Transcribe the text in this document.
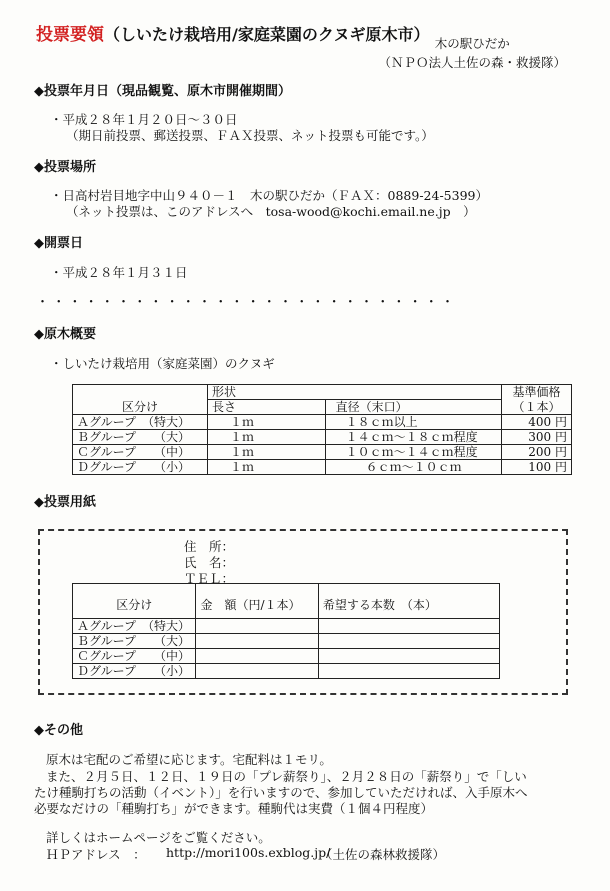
投票要領（しいたけ栽培用/家庭菜園のクヌギ原木市） 木の駅ひだか
（ＮＰＯ法人土佐の森・救援隊）
◆投票年月日（現品観覧、原木市開催期間）
・平成２８年１月２０日～３０日
（期日前投票、郵送投票、ＦＡＸ投票、ネット投票も可能です。）
◆投票場所
・日高村岩目地字中山９４０－１　木の駅ひだか（ＦＡＸ：0889-24-5399）
（ネット投票は、このアドレスへ　tosa-wood@kochi.email.ne.jp　）
◆開票日
・平成２８年１月３１日
・・・・・・・・・・・・・・・・・・・・・・・・・・
◆原木概要
・しいたけ栽培用（家庭菜園）のクヌギ
	形状		基準価格
区分け	長さ	直径（末口）	（１本）
Ａグループ　（特大）	１ｍ	１８ｃｍ以上	400 円
Ｂグループ　　（大）	１ｍ	１４ｃｍ～１８ｃｍ程度	300 円
Ｃグループ　　（中）	１ｍ	１０ｃｍ～１４ｃｍ程度	200 円
Ｄグループ　　（小）	１ｍ	６ｃｍ～１０ｃｍ	100 円
◆投票用紙
住　所：
氏　名：
ＴＥＬ：
区分け	金　額（円/１本）	希望する本数　（本）
Ａグループ　（特大）		
Ｂグループ　　（大）		
Ｃグループ　　（中）		
Ｄグループ　　（小）		
◆その他
原木は宅配のご希望に応じます。宅配料は１モリ。
また、２月５日、１２日、１９日の「プレ薪祭り」、２月２８日の「薪祭り」で「しい
たけ種駒打ちの活動（イベント）」を行いますので、参加していただければ、入手原木へ
必要なだけの「種駒打ち」ができます。種駒代は実費（１個４円程度）
詳しくはホームページをご覧ください。
ＨＰアドレス　： http://mori100s.exblog.jp/
（土佐の森林救援隊）
